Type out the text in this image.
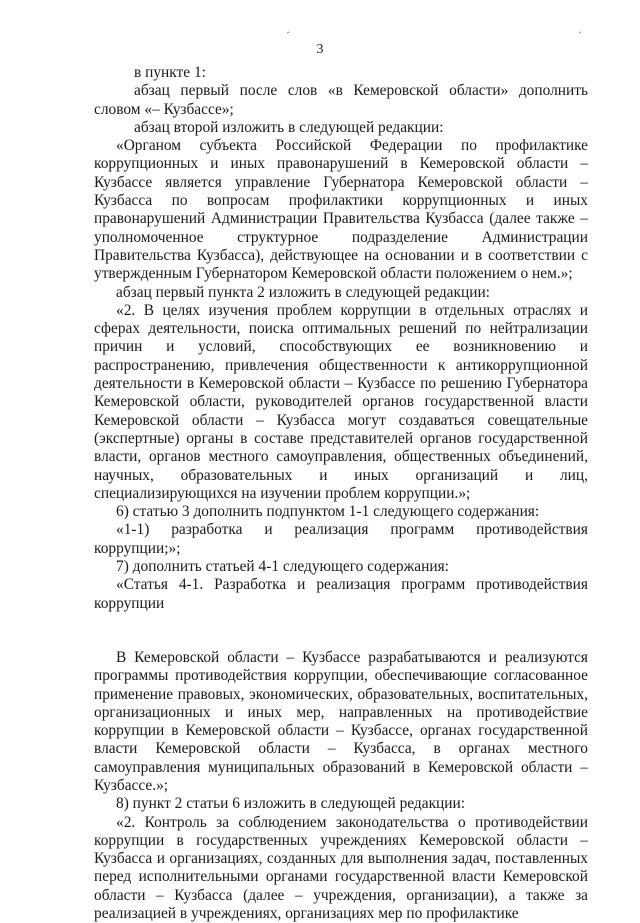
3
ˊ	ˊ

в пункте 1:

абзац первый после слов «в Кемеровской области» дополнить словом «– Кузбассе»;

абзац второй изложить в следующей редакции:

«Органом субъекта Российской Федерации по профилактике коррупционных и иных правонарушений в Кемеровской области – Кузбассе является управление Губернатора Кемеровской области – Кузбасса по вопросам профилактики коррупционных и иных правонарушений Администрации Правительства Кузбасса (далее также – уполномоченное структурное подразделение Администрации Правительства Кузбасса), действующее на основании и в соответствии с утвержденным Губернатором Кемеровской области положением о нем.»;

абзац первый пункта 2 изложить в следующей редакции:

«2. В целях изучения проблем коррупции в отдельных отраслях и сферах деятельности, поиска оптимальных решений по нейтрализации причин и условий, способствующих ее возникновению и распространению, привлечения общественности к антикоррупционной деятельности в Кемеровской области – Кузбассе по решению Губернатора Кемеровской области, руководителей органов государственной власти Кемеровской области – Кузбасса могут создаваться совещательные (экспертные) органы в составе представителей органов государственной власти, органов местного самоуправления, общественных объединений, научных, образовательных и иных организаций и лиц, специализирующихся на изучении проблем коррупции.»;

6) статью 3 дополнить подпунктом 1-1 следующего содержания:

«1-1) разработка и реализация программ противодействия коррупции;»;

7) дополнить статьей 4-1 следующего содержания:

«Статья 4-1. Разработка и реализация программ противодействия коррупции

В Кемеровской области – Кузбассе разрабатываются и реализуются программы противодействия коррупции, обеспечивающие согласованное применение правовых, экономических, образовательных, воспитательных, организационных и иных мер, направленных на противодействие коррупции в Кемеровской области – Кузбассе, органах государственной власти Кемеровской области – Кузбасса, в органах местного самоуправления муниципальных образований в Кемеровской области – Кузбассе.»;

8) пункт 2 статьи 6 изложить в следующей редакции:

«2. Контроль за соблюдением законодательства о противодействии коррупции в государственных учреждениях Кемеровской области – Кузбасса и организациях, созданных для выполнения задач, поставленных перед исполнительными органами государственной власти Кемеровской области – Кузбасса (далее – учреждения, организации), а также за реализацией в учреждениях, организациях мер по профилактике
